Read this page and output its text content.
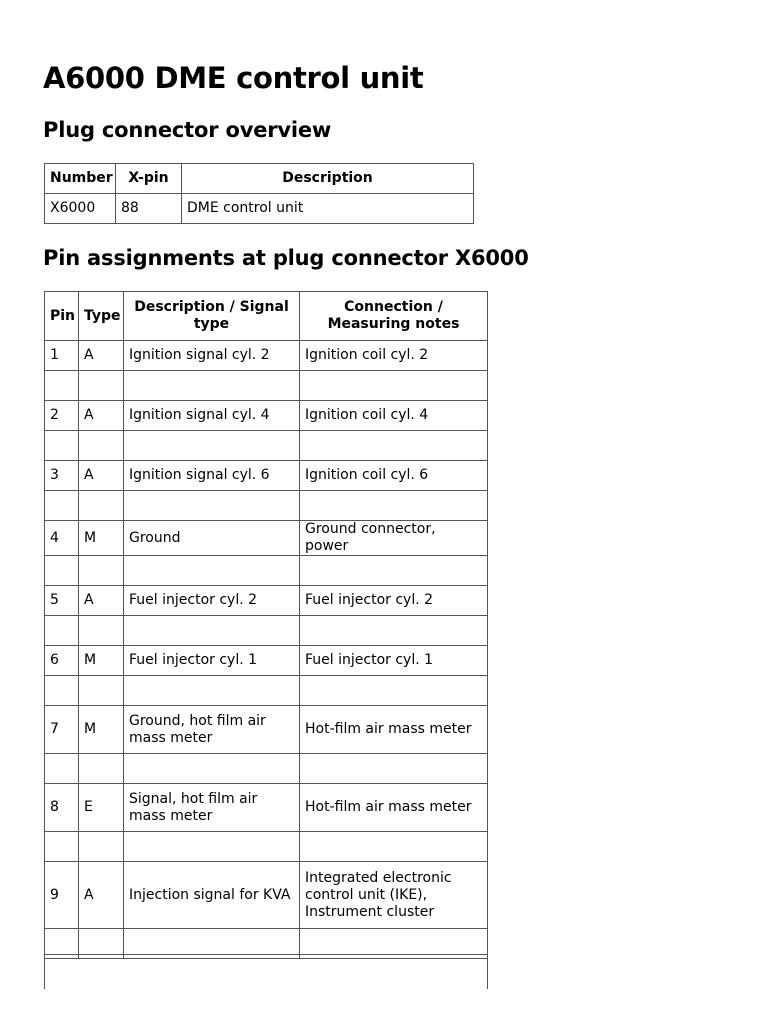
A6000 DME control unit
Plug connector overview
Number	X-pin	Description
X6000	88	DME control unit
Pin assignments at plug connector X6000
Pin	Type	Description / Signal type	Connection / Measuring notes
1	A	Ignition signal cyl. 2	Ignition coil cyl. 2

2	A	Ignition signal cyl. 4	Ignition coil cyl. 4

3	A	Ignition signal cyl. 6	Ignition coil cyl. 6

4	M	Ground	Ground connector, power

5	A	Fuel injector cyl. 2	Fuel injector cyl. 2

6	M	Fuel injector cyl. 1	Fuel injector cyl. 1

7	M	Ground, hot film air mass meter	Hot-film air mass meter

8	E	Signal, hot film air mass meter	Hot-film air mass meter

9	A	Injection signal for KVA	Integrated electronic control unit (IKE), Instrument cluster
